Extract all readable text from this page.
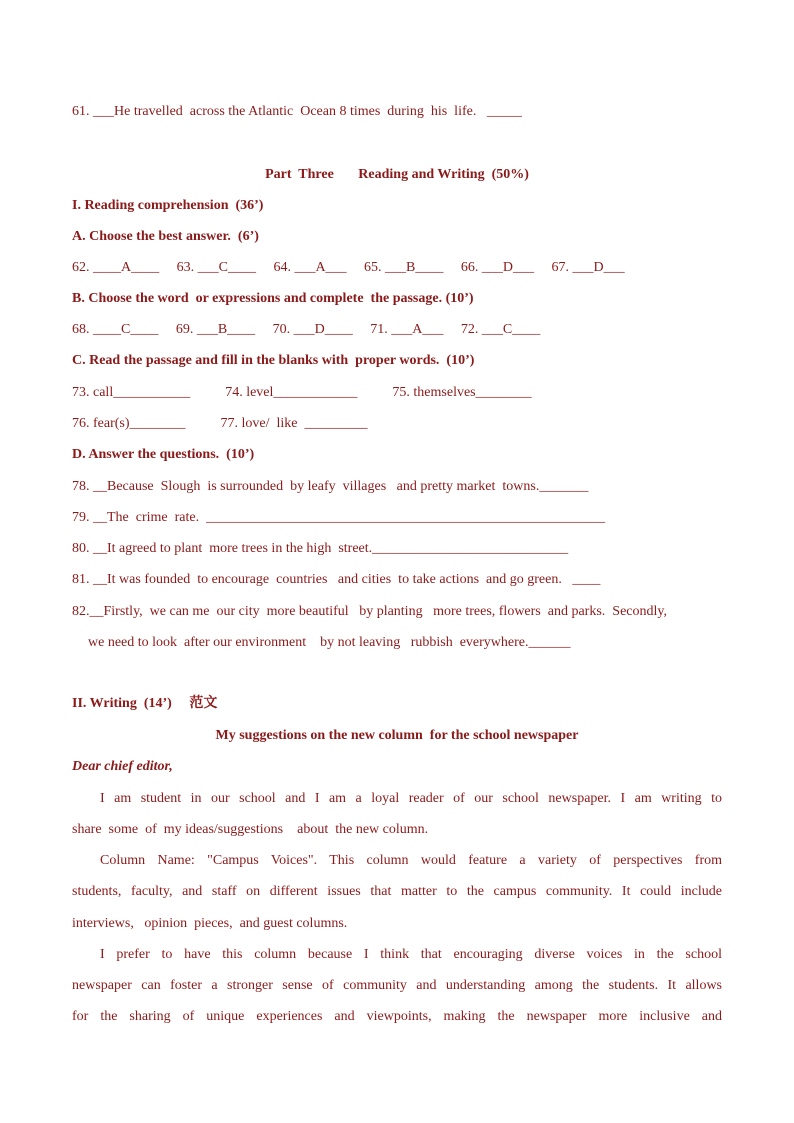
61. ___He travelled  across the Atlantic  Ocean 8 times  during  his  life.   _____
Part  Three       Reading and Writing  (50%)
I. Reading comprehension  (36’)
A. Choose the best answer.  (6’)
62. ____A____     63. ___C____     64. ___A___     65. ___B____     66. ___D___     67. ___D___
B. Choose the word  or expressions and complete  the passage. (10’)
68. ____C____     69. ___B____     70. ___D____     71. ___A___     72. ___C____
C. Read the passage and fill in the blanks with  proper words.  (10’)
73. call___________          74. level____________          75. themselves________
76. fear(s)________          77. love/  like  _________
D. Answer the questions.  (10’)
78. __Because  Slough  is surrounded  by leafy  villages   and pretty market  towns._______
79. __The  crime  rate.  _________________________________________________________
80. __It agreed to plant  more trees in the high  street.____________________________
81. __It was founded  to encourage  countries   and cities  to take actions  and go green.   ____
82.__Firstly,  we can me  our city  more beautiful   by planting   more trees, flowers  and parks.  Secondly,
we need to look  after our environment    by not leaving   rubbish  everywhere.______
II. Writing  (14’)     范文
My suggestions on the new column  for the school newspaper
Dear chief editor,
I am student in our school and I am a loyal reader of our school newspaper. I am writing to
share  some  of  my ideas/suggestions    about  the new column.
Column Name: "Campus Voices". This column would feature a variety of perspectives from
students, faculty, and staff on different issues that matter to the campus community. It could include
interviews,   opinion  pieces,  and guest columns.
I prefer to have this column because I think that encouraging diverse voices in the school
newspaper can foster a stronger sense of community and understanding among the students. It allows
for the sharing of unique experiences and viewpoints, making the newspaper more inclusive and
